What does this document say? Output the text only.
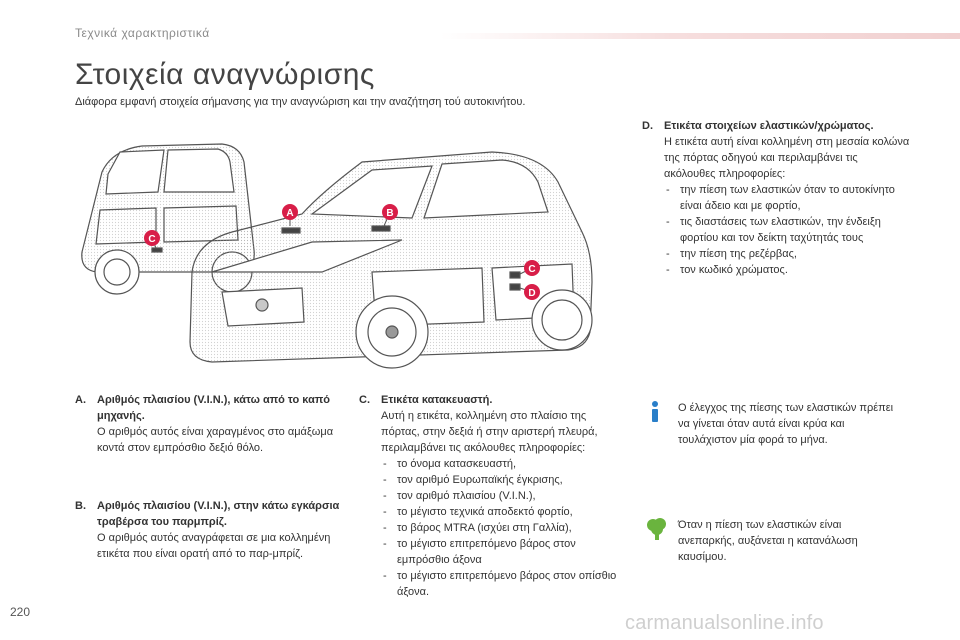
Τεχνικά χαρακτηριστικά
Στοιχεία αναγνώρισης
Διάφορα εμφανή στοιχεία σήμανσης για την αναγνώριση και την αναζήτηση τού αυτοκινήτου.
A	B
C
C
D
D. Ετικέτα στοιχείων ελαστικών/χρώματος.
Η ετικέτα αυτή είναι κολλημένη στη μεσαία κολώνα της πόρτας οδηγού και περιλαμβάνει τις ακόλουθες πληροφορίες:
- την πίεση των ελαστικών όταν το αυτοκίνητο είναι άδειο και με φορτίο,
- τις διαστάσεις των ελαστικών, την ένδειξη φορτίου και τον δείκτη ταχύτητάς τους
- την πίεση της ρεζέρβας,
- τον κωδικό χρώματος.
A. Αριθμός πλαισίου (V.I.N.), κάτω από το καπό μηχανής.
Ο αριθμός αυτός είναι χαραγμένος στο αμάξωμα κοντά στον εμπρόσθιο δεξιό θόλο.
B. Αριθμός πλαισίου (V.I.N.), στην κάτω εγκάρσια τραβέρσα του παρμπρίζ.
Ο αριθμός αυτός αναγράφεται σε μια κολλημένη ετικέτα που είναι ορατή από το παρ-μπρίζ.
C. Ετικέτα κατακευαστή.
Αυτή η ετικέτα, κολλημένη στο πλαίσιο της πόρτας, στην δεξιά ή στην αριστερή πλευρά, περιλαμβάνει τις ακόλουθες πληροφορίες:
- το όνομα κατασκευαστή,
- τον αριθμό Ευρωπαϊκής έγκρισης,
- τον αριθμό πλαισίου (V.I.N.),
- το μέγιστο τεχνικά αποδεκτό φορτίο,
- το βάρος MTRA (ισχύει στη Γαλλία),
- το μέγιστο επιτρεπόμενο βάρος στον εμπρόσθιο άξονα
- το μέγιστο επιτρεπόμενο βάρος στον οπίσθιο άξονα.
Ο έλεγχος της πίεσης των ελαστικών πρέπει να γίνεται όταν αυτά είναι κρύα και τουλάχιστον μία φορά το μήνα.
Όταν η πίεση των ελαστικών είναι ανεπαρκής, αυξάνεται η κατανάλωση καυσίμου.
220	carmanualsonline.info
